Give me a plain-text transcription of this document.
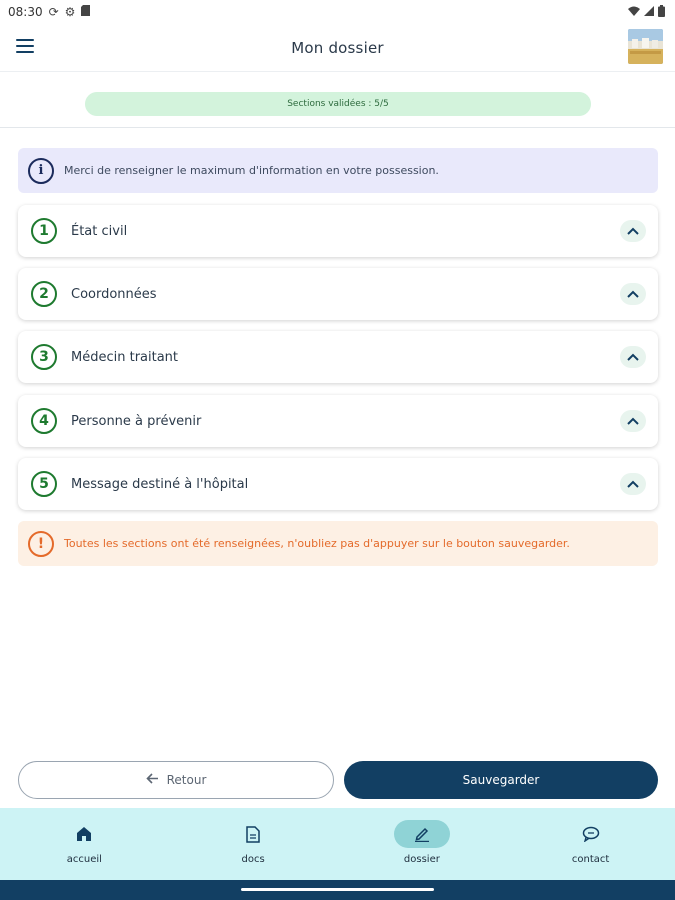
08:30 ⟳ ⚙
Mon dossier
Sections validées : 5/5
i	Merci de renseigner le maximum d'information en votre possession.
1	État civil
2	Coordonnées
3	Médecin traitant
4	Personne à prévenir
5	Message destiné à l'hôpital
!	Toutes les sections ont été renseignées, n'oubliez pas d'appuyer sur le bouton sauvegarder.
Retour	Sauvegarder
accueil	docs	dossier	contact
